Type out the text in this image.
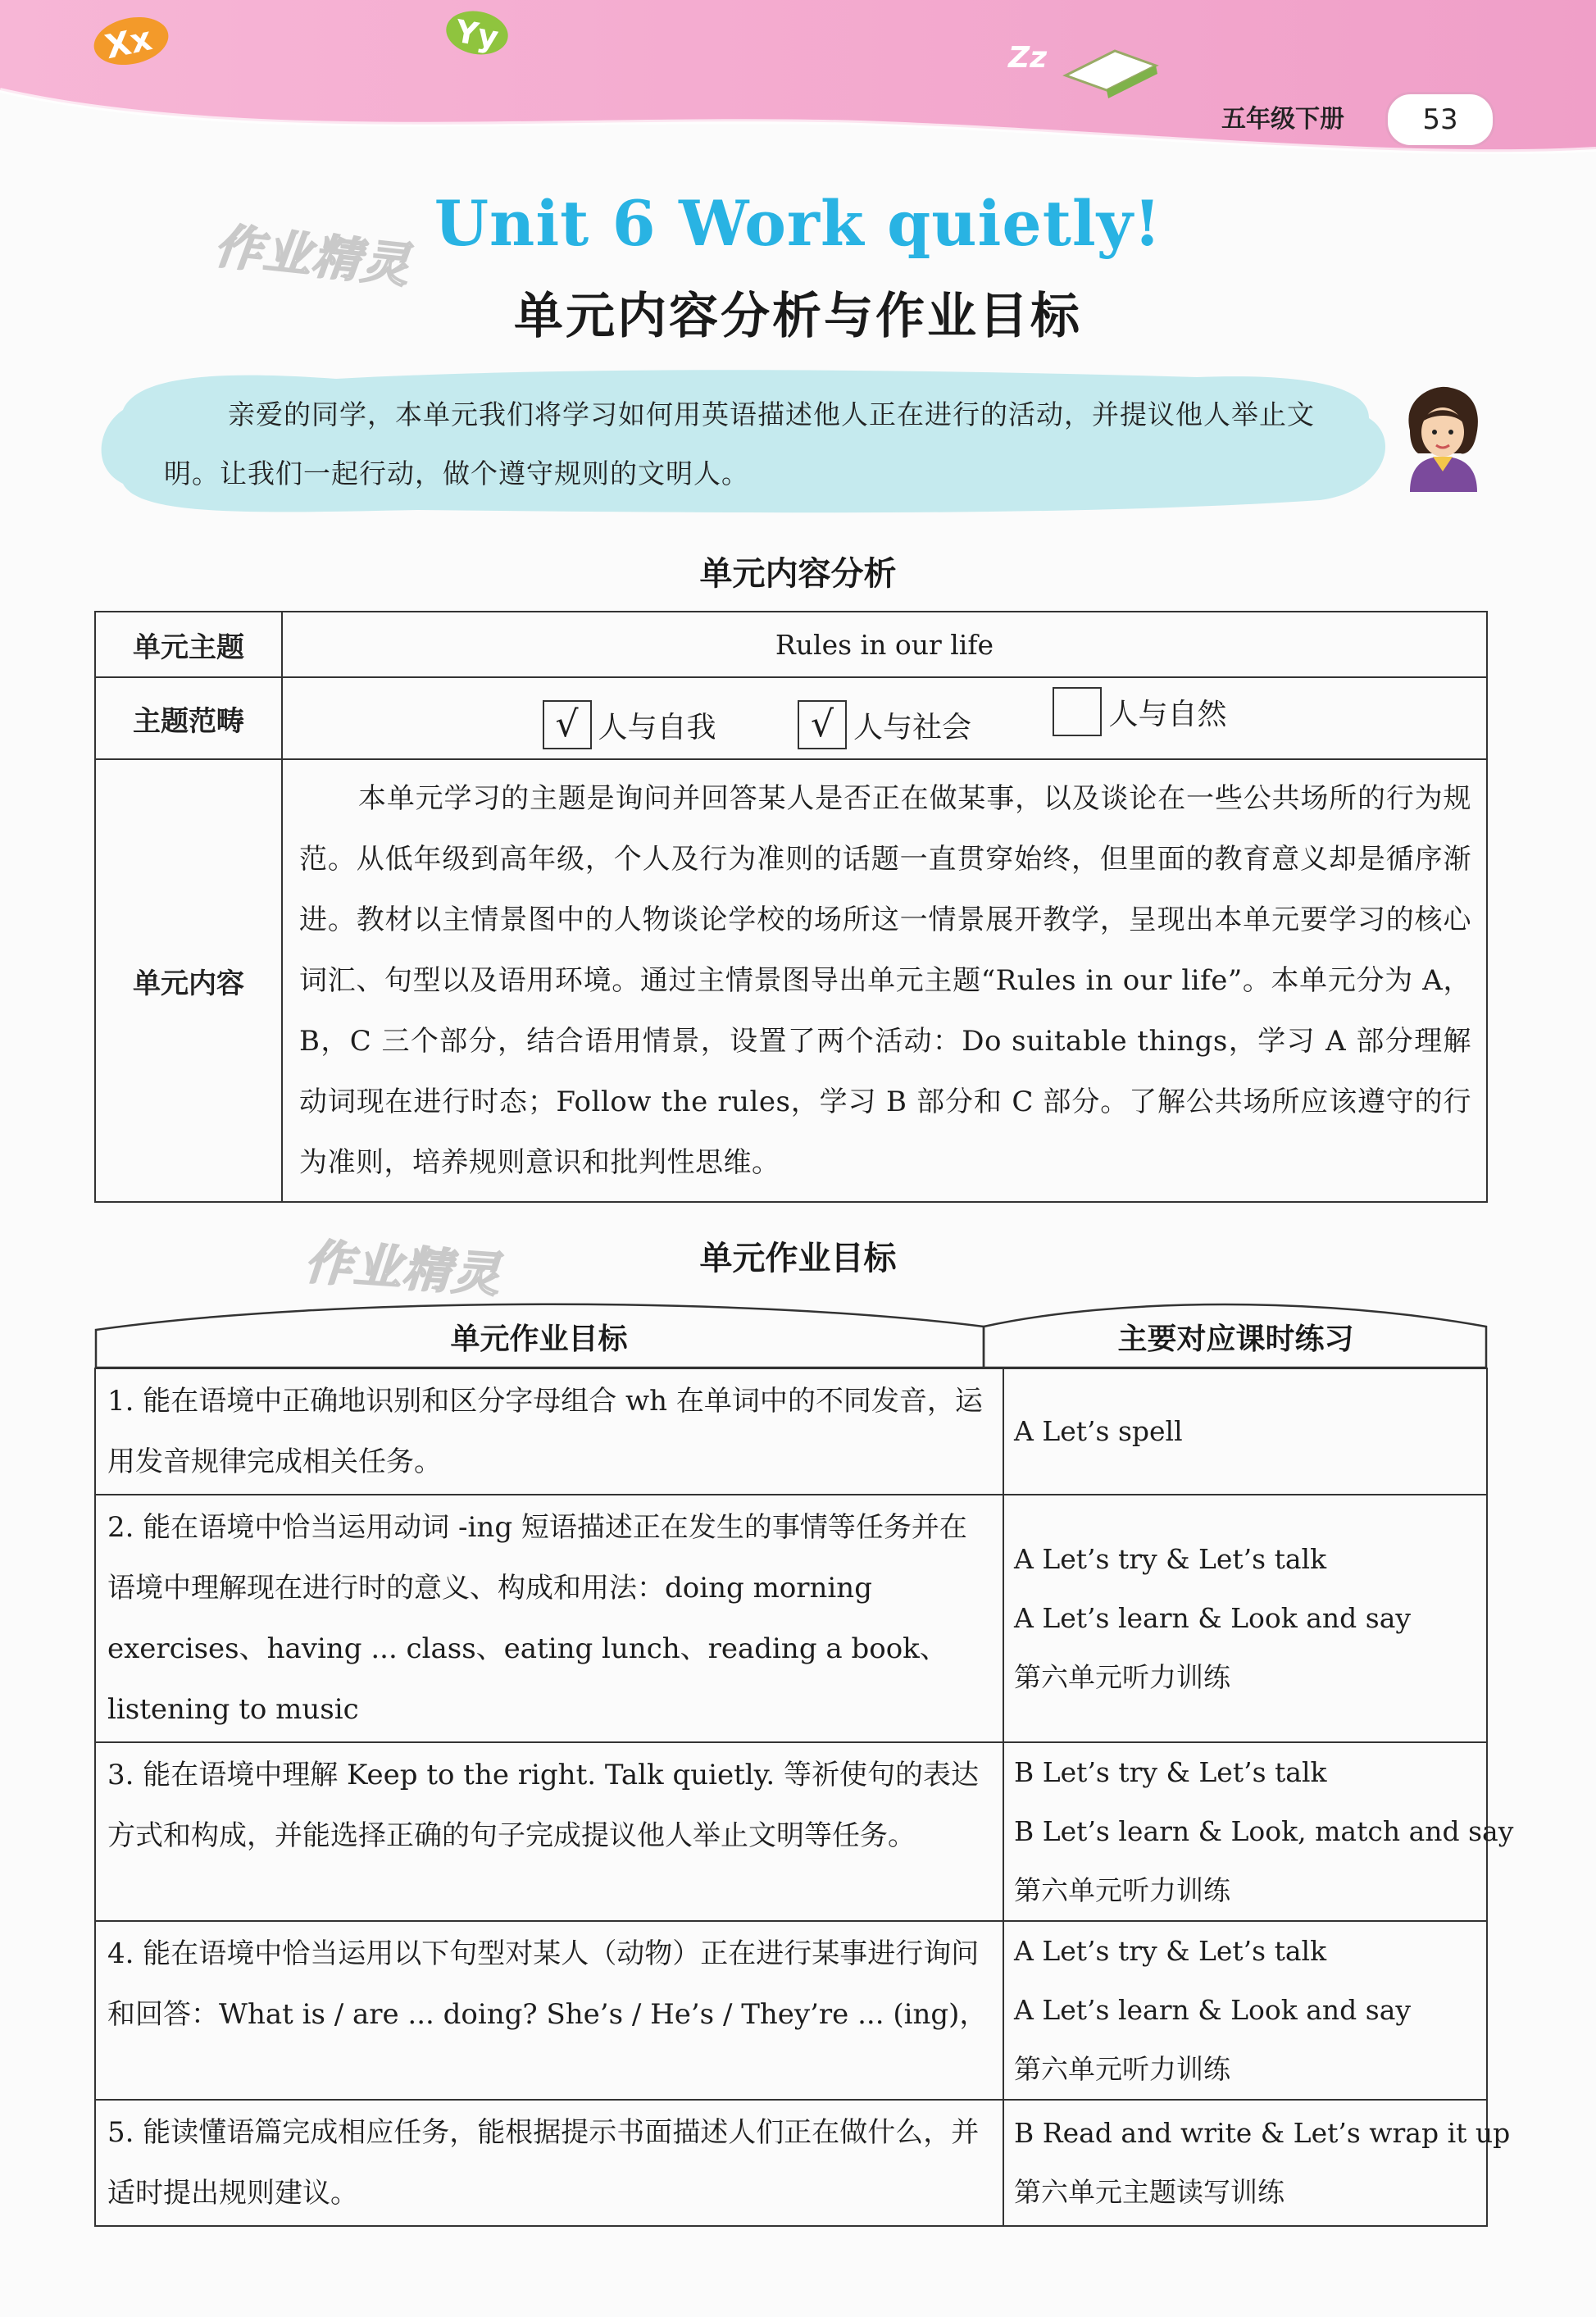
Xx	Yy
Zz
五年级下册	53
作业精灵 Unit 6 Work quietly!
单元内容分析与作业目标
亲爱的同学，本单元我们将学习如何用英语描述他人正在进行的活动，并提议他人举止文明。让我们一起行动，做个遵守规则的文明人。
单元内容分析
单元主题	Rules in our life
主题范畴	√ 人与自我
√ 人与社会
人与自然

单元内容	本单元学习的主题是询问并回答某人是否正在做某事，以及谈论在一些公共场所的行为规范。从低年级到高年级，个人及行为准则的话题一直贯穿始终，但里面的教育意义却是循序渐进。教材以主情景图中的人物谈论学校的场所这一情景展开教学，呈现出本单元要学习的核心词汇、句型以及语用环境。通过主情景图导出单元主题“Rules in our life”。本单元分为 A，B，C 三个部分，结合语用情景，设置了两个活动：Do suitable things，学习 A 部分理解动词现在进行时态；Follow the rules，学习 B 部分和 C 部分。了解公共场所应该遵守的行为准则，培养规则意识和批判性思维。

单元作业目标
作业精灵
单元作业目标	主要对应课时练习
1. 能在语境中正确地识别和区分字母组合 wh 在单词中的不同发音，运用发音规律完成相关任务。	A Let’s spell

2. 能在语境中恰当运用动词 -ing 短语描述正在发生的事情等任务并在语境中理解现在进行时的意义、构成和用法：doing morning exercises、having ... class、eating lunch、reading a book、listening to music	A Let’s try & Let’s talk
A Let’s learn & Look and say
第六单元听力训练

3. 能在语境中理解 Keep to the right. Talk quietly. 等祈使句的表达方式和构成，并能选择正确的句子完成提议他人举止文明等任务。	B Let’s try & Let’s talk
B Let’s learn & Look, match and say
第六单元听力训练

4. 能在语境中恰当运用以下句型对某人（动物）正在进行某事进行询问和回答：What is / are ... doing? She’s / He’s / They’re ... (ing)，	A Let’s try & Let’s talk
A Let’s learn & Look and say
第六单元听力训练

5. 能读懂语篇完成相应任务，能根据提示书面描述人们正在做什么，并适时提出规则建议。	B Read and write & Let’s wrap it up
第六单元主题读写训练
